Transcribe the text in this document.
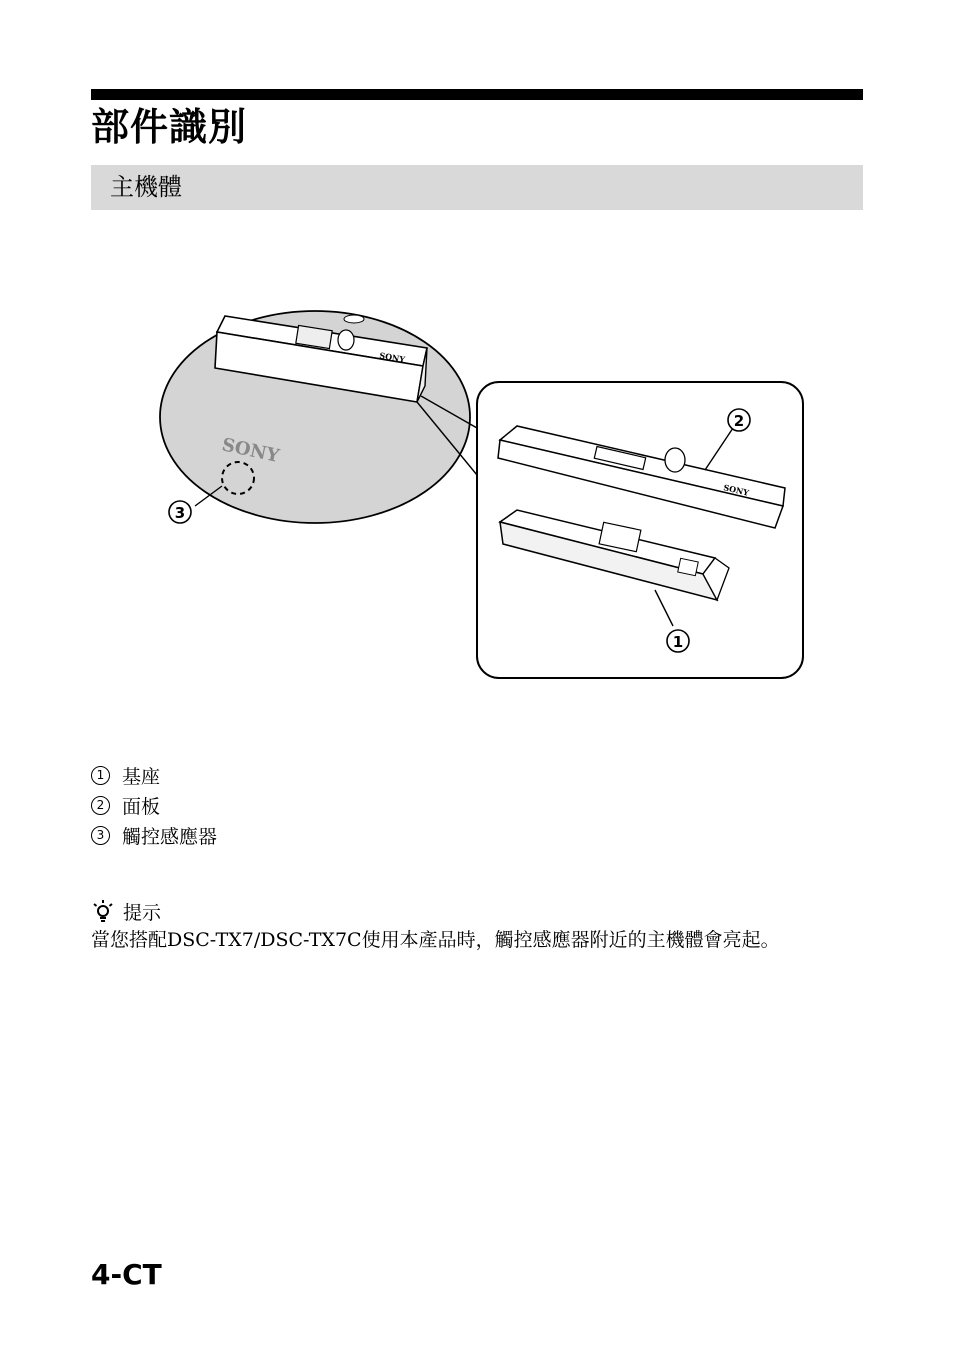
部件識別
主機體
SONY
SONY
3
SONY
2
1
1 基座
2 面板
3 觸控感應器
提示
當您搭配DSC-TX7/DSC-TX7C使用本產品時，觸控感應器附近的主機體會亮起。
4-CT
